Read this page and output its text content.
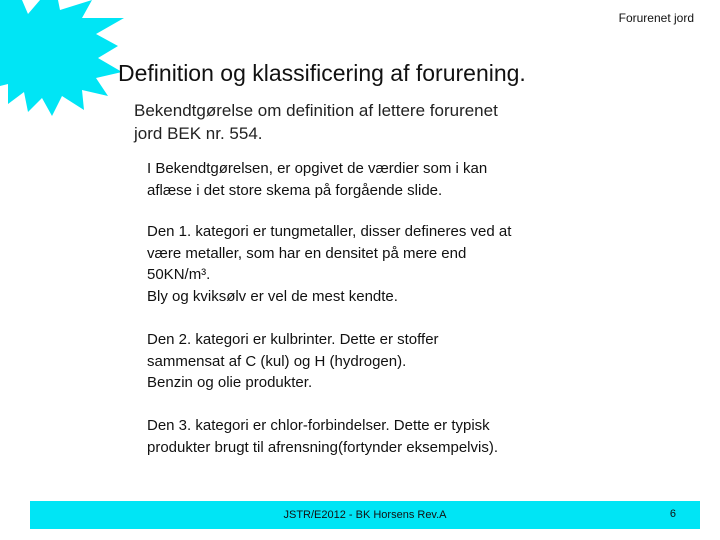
Forurenet jord
Definition og klassificering af forurening.
Bekendtgørelse om definition af lettere forurenet
jord BEK nr. 554.
I Bekendtgørelsen, er opgivet de værdier som i kan
aflæse i det store skema på forgående slide.
Den 1. kategori er tungmetaller, disser defineres ved at
være metaller, som har en densitet på mere end
50KN/m³.
Bly og kviksølv er vel de mest kendte.
Den 2. kategori er kulbrinter. Dette er stoffer
sammensat af C (kul) og H (hydrogen).
Benzin og olie produkter.
Den 3. kategori er chlor-forbindelser. Dette er typisk
produkter brugt til afrensning(fortynder eksempelvis).
JSTR/E2012 - BK Horsens Rev.A	6
